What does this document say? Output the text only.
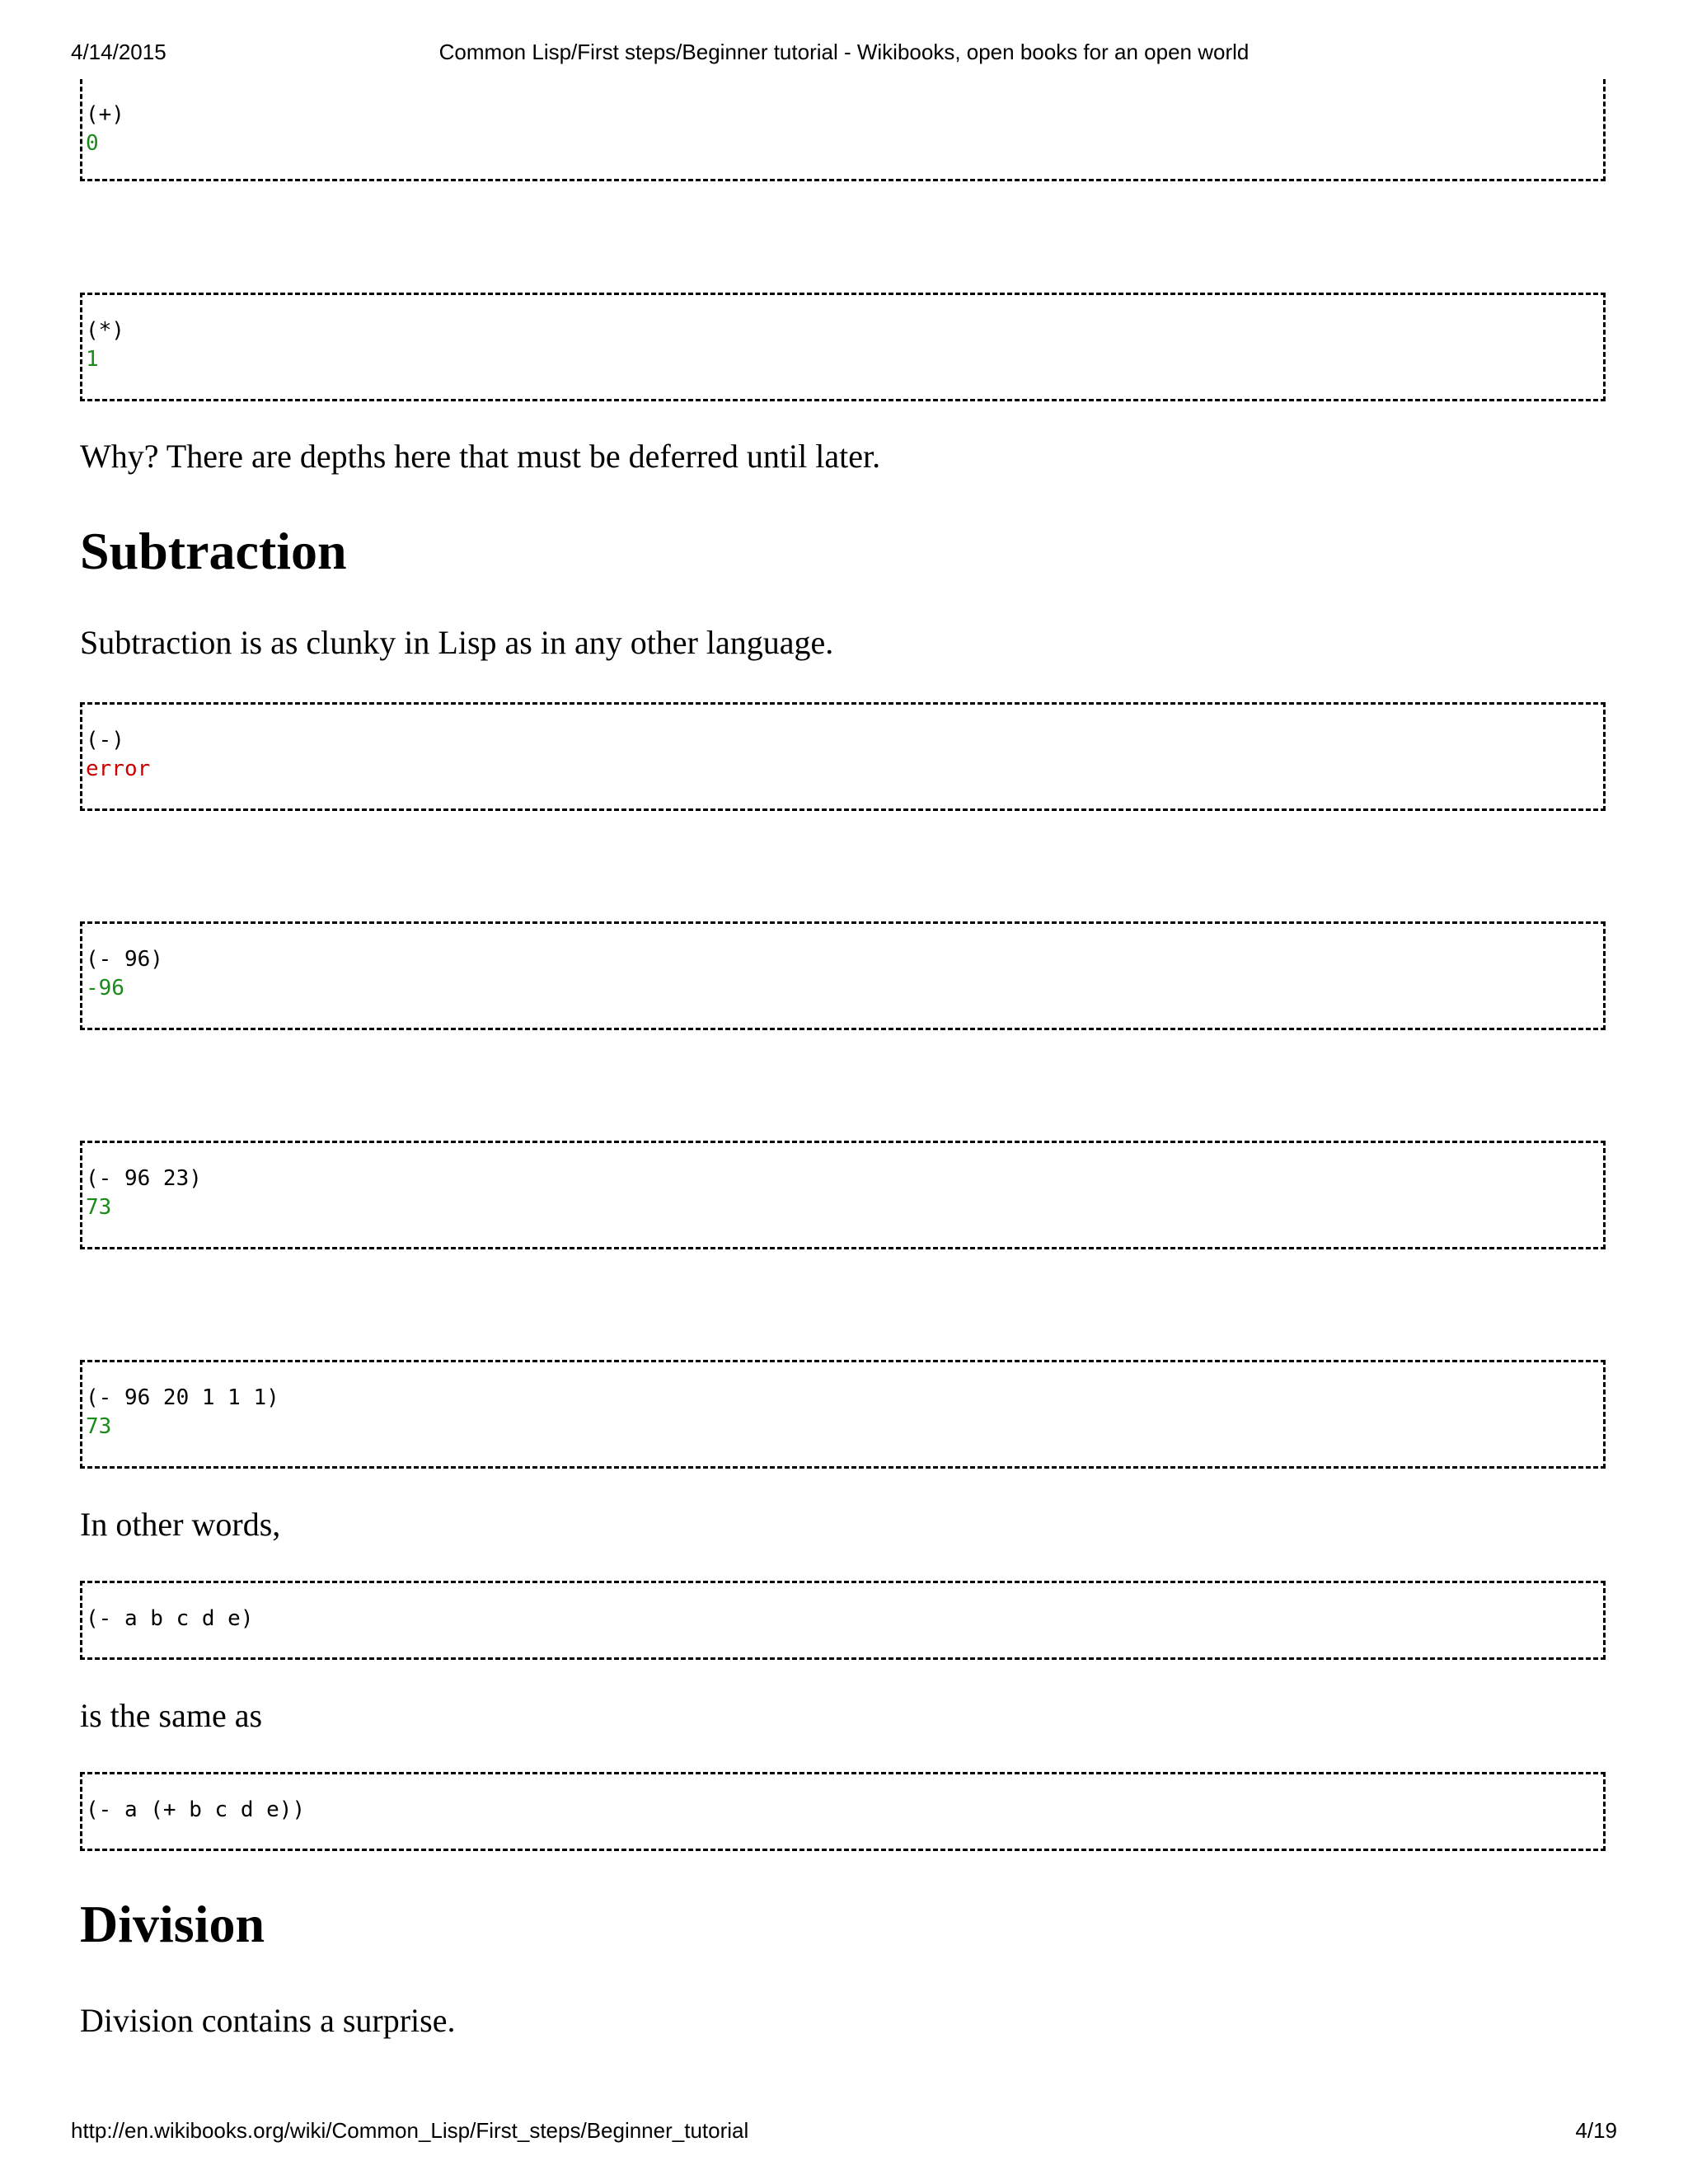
4/14/2015	Common Lisp/First steps/Beginner tutorial - Wikibooks, open books for an open world
(+)
0
(*)
1
Why? There are depths here that must be deferred until later.
Subtraction
Subtraction is as clunky in Lisp as in any other language.
(-)
error
(- 96)
-96
(- 96 23)
73
(- 96 20 1 1 1)
73
In other words,
(- a b c d e)
is the same as
(- a (+ b c d e))
Division
Division contains a surprise.
http://en.wikibooks.org/wiki/Common_Lisp/First_steps/Beginner_tutorial	4/19
